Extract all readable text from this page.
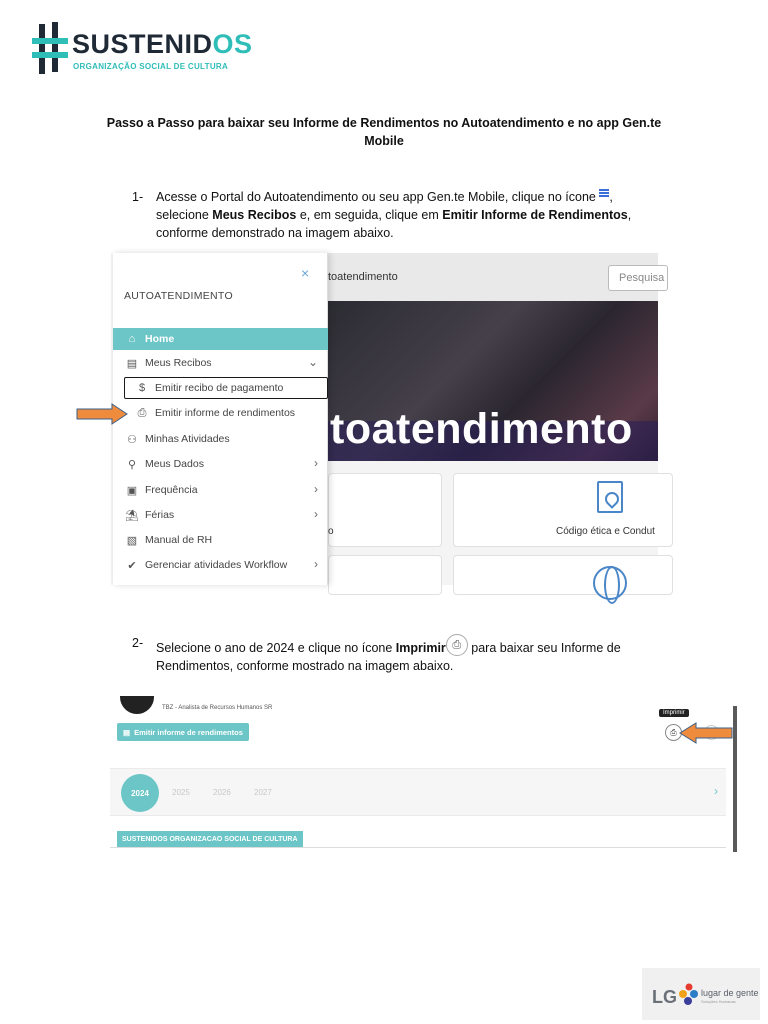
SUSTENIDOS
ORGANIZAÇÃO SOCIAL DE CULTURA
Passo a Passo para baixar seu Informe de Rendimentos no Autoatendimento e no app Gen.te Mobile
1- Acesse o Portal do Autoatendimento ou seu app Gen.te Mobile, clique no ícone , selecione Meus Recibos e, em seguida, clique em Emitir Informe de Rendimentos, conforme demonstrado na imagem abaixo.
toatendimento	Pesquisa
toatendimento
o	Código ética e Condut
×
AUTOATENDIMENTO
⌂ Home
▤ Meus Recibos	⌄
$ Emitir recibo de pagamento
⎙ Emitir informe de rendimentos
⚇ Minhas Atividades
⚲ Meus Dados	›
▣ Frequência	›
⛱ Férias	›
▧ Manual de RH
✔ Gerenciar atividades Workflow ›
2- Selecione o ano de 2024 e clique no ícone Imprimir ⎙ para baixar seu Informe de Rendimentos, conforme mostrado na imagem abaixo.
TBZ - Analista de Recursos Humanos SR
▤ Emitir informe de rendimentos
Imprimir
⎙
2024	2025	2026	2027	›
SUSTENIDOS ORGANIZACAO SOCIAL DE CULTURA
LG	lugar de gente
Soluções Humanas
